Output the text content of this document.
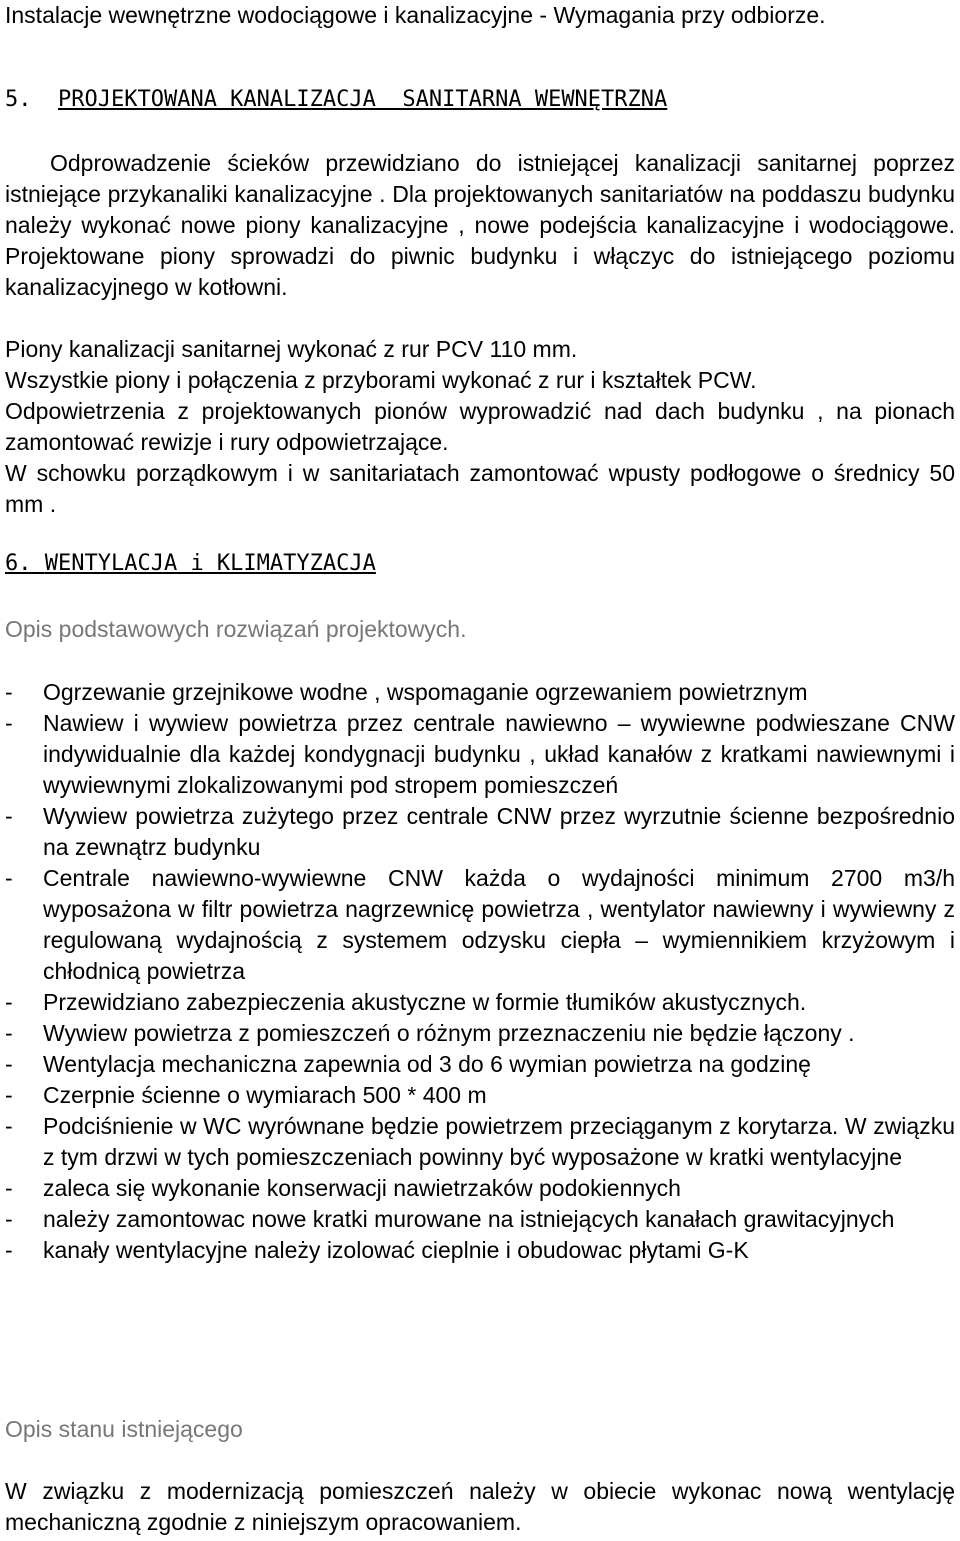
Instalacje wewnętrzne wodociągowe i kanalizacyjne - Wymagania przy odbiorze.

5. PROJEKTOWANA KANALIZACJA  SANITARNA WEWNĘTRZNA

Odprowadzenie ścieków przewidziano do istniejącej kanalizacji sanitarnej poprzez istniejące przykanaliki kanalizacyjne . Dla projektowanych sanitariatów na poddaszu budynku należy wykonać nowe piony kanalizacyjne , nowe podejścia kanalizacyjne i wodociągowe. Projektowane piony sprowadzi do piwnic budynku i włączyc do istniejącego poziomu kanalizacyjnego w kotłowni.

Piony kanalizacji sanitarnej wykonać z rur PCV 110 mm.

Wszystkie piony i połączenia z przyborami wykonać z rur i kształtek PCW.

Odpowietrzenia z projektowanych pionów wyprowadzić nad dach budynku , na pionach zamontować rewizje i rury odpowietrzające.

W schowku porządkowym i w sanitariatach zamontować wpusty podłogowe o średnicy 50 mm .

6. WENTYLACJA i KLIMATYZACJA

Opis podstawowych rozwiązań projektowych.

- Ogrzewanie grzejnikowe wodne , wspomaganie ogrzewaniem powietrznym
- Nawiew i wywiew powietrza przez centrale nawiewno – wywiewne podwieszane CNW indywidualnie dla każdej kondygnacji budynku , układ kanałów z kratkami nawiewnymi i wywiewnymi zlokalizowanymi pod stropem pomieszczeń
- Wywiew powietrza zużytego przez centrale CNW przez wyrzutnie ścienne bezpośrednio na zewnątrz budynku
- Centrale nawiewno-wywiewne CNW każda o wydajności minimum 2700 m3/h wyposażona w filtr powietrza nagrzewnicę powietrza , wentylator nawiewny i wywiewny z regulowaną wydajnością z systemem odzysku ciepła – wymiennikiem krzyżowym i chłodnicą powietrza
- Przewidziano zabezpieczenia akustyczne w formie tłumików akustycznych.
- Wywiew powietrza z pomieszczeń o różnym przeznaczeniu nie będzie łączony .
- Wentylacja mechaniczna zapewnia od 3 do 6 wymian powietrza na godzinę
- Czerpnie ścienne o wymiarach 500 * 400 m
- Podciśnienie w WC wyrównane będzie powietrzem przeciąganym z korytarza. W związku z tym drzwi w tych pomieszczeniach powinny być wyposażone w kratki wentylacyjne
- zaleca się wykonanie konserwacji nawietrzaków podokiennych
- należy zamontowac nowe kratki murowane na istniejących kanałach grawitacyjnych
- kanały wentylacyjne należy izolować cieplnie i obudowac płytami G-K

Opis stanu istniejącego

W związku z modernizacją pomieszczeń należy w obiecie wykonac nową wentylację mechaniczną zgodnie z niniejszym opracowaniem.
